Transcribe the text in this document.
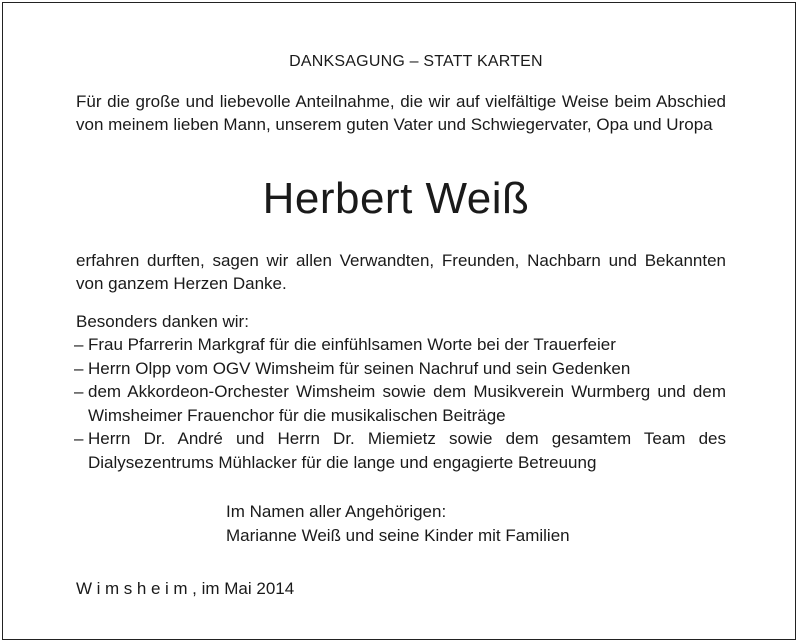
DANKSAGUNG – STATT KARTEN

Für die große und liebevolle Anteilnahme, die wir auf vielfältige Weise beim Abschied von meinem lieben Mann, unserem guten Vater und Schwiegervater, Opa und Uropa

Herbert Weiß

erfahren durften, sagen wir allen Verwandten, Freunden, Nachbarn und Bekannten von ganzem Herzen Danke.

Besonders danken wir:
– Frau Pfarrerin Markgraf für die einfühlsamen Worte bei der Trauerfeier
– Herrn Olpp vom OGV Wimsheim für seinen Nachruf und sein Gedenken
– dem Akkordeon-Orchester Wimsheim sowie dem Musikverein Wurmberg und dem Wimsheimer Frauenchor für die musikalischen Beiträge
– Herrn Dr. André und Herrn Dr. Miemietz sowie dem gesamtem Team des Dialysezentrums Mühlacker für die lange und engagierte Betreuung
Im Namen aller Angehörigen:
Marianne Weiß und seine Kinder mit Familien
Wimsheim, im Mai 2014
